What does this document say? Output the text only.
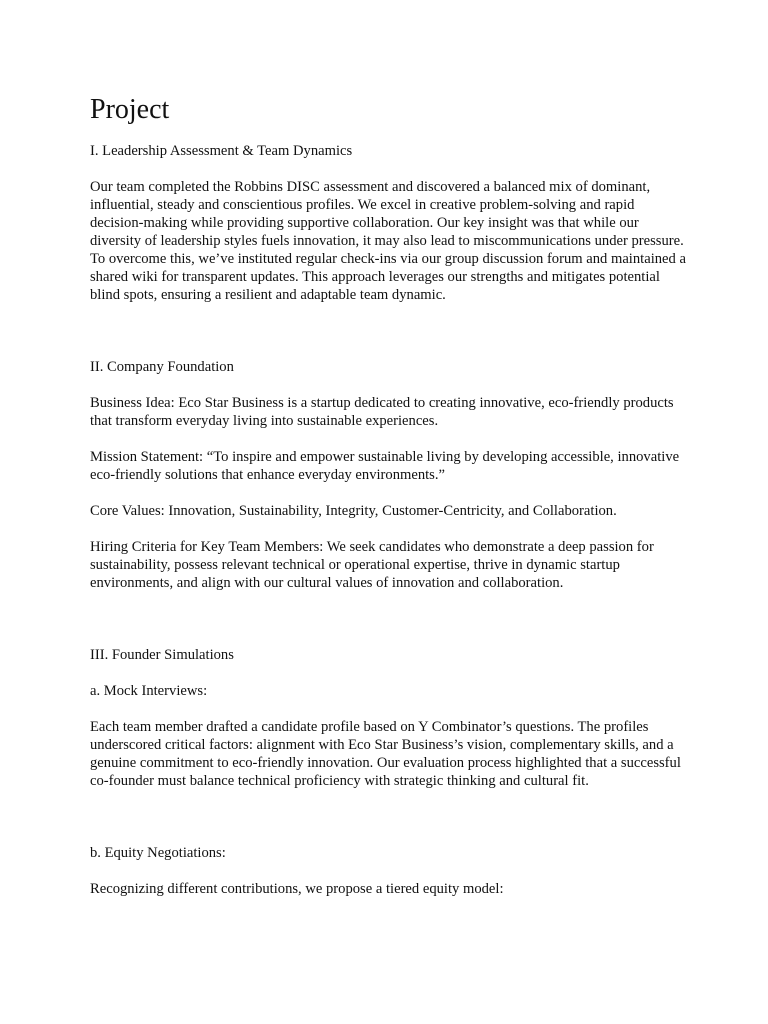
Project

I. Leadership Assessment & Team Dynamics

Our team completed the Robbins DISC assessment and discovered a balanced mix of dominant, influential, steady and conscientious profiles. We excel in creative problem-solving and rapid decision-making while providing supportive collaboration. Our key insight was that while our diversity of leadership styles fuels innovation, it may also lead to miscommunications under pressure. To overcome this, we’ve instituted regular check-ins via our group discussion forum and maintained a shared wiki for transparent updates. This approach leverages our strengths and mitigates potential blind spots, ensuring a resilient and adaptable team dynamic.

II. Company Foundation

Business Idea: Eco Star Business is a startup dedicated to creating innovative, eco-friendly products that transform everyday living into sustainable experiences.

Mission Statement: “To inspire and empower sustainable living by developing accessible, innovative eco-friendly solutions that enhance everyday environments.”

Core Values: Innovation, Sustainability, Integrity, Customer-Centricity, and Collaboration.

Hiring Criteria for Key Team Members: We seek candidates who demonstrate a deep passion for sustainability, possess relevant technical or operational expertise, thrive in dynamic startup environments, and align with our cultural values of innovation and collaboration.

III. Founder Simulations

a. Mock Interviews:

Each team member drafted a candidate profile based on Y Combinator’s questions. The profiles underscored critical factors: alignment with Eco Star Business’s vision, complementary skills, and a genuine commitment to eco-friendly innovation. Our evaluation process highlighted that a successful co-founder must balance technical proficiency with strategic thinking and cultural fit.

b. Equity Negotiations:

Recognizing different contributions, we propose a tiered equity model:
